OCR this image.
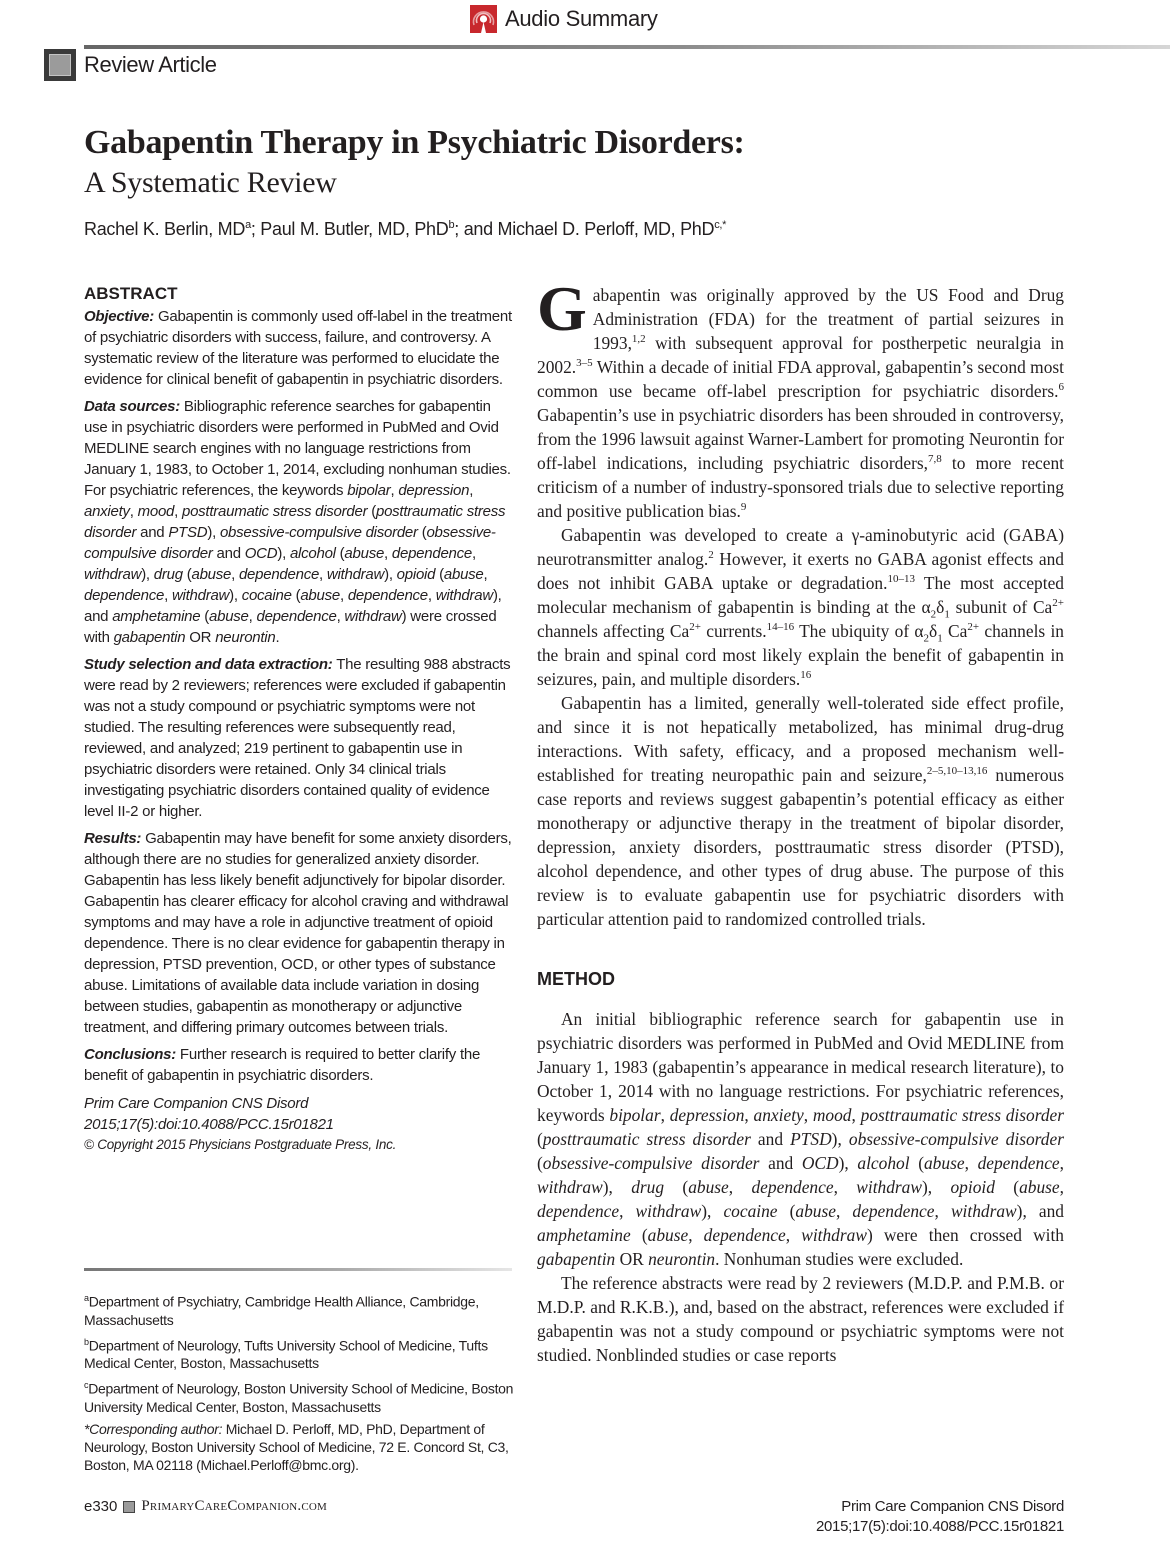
Audio Summary
Review Article
Gabapentin Therapy in Psychiatric Disorders:
A Systematic Review
Rachel K. Berlin, $MD^a$; Paul M. Butler, MD, PhD$^b$; and Michael D. Perloff, MD, PhD$^{c,*}$
ABSTRACT

Objective: Gabapentin is commonly used off-label in the treatment of psychiatric disorders with success, failure, and controversy. A systematic review of the literature was performed to elucidate the evidence for clinical benefit of gabapentin in psychiatric disorders.

Data sources: Bibliographic reference searches for gabapentin use in psychiatric disorders were performed in PubMed and Ovid MEDLINE search engines with no language restrictions from January 1, 1983, to October 1, 2014, excluding nonhuman studies. For psychiatric references, the keywords bipolar, depression, anxiety, mood, posttraumatic stress disorder (posttraumatic stress disorder and PTSD), obsessive-compulsive disorder (obsessive-compulsive disorder and OCD), alcohol (abuse, dependence, withdraw), drug (abuse, dependence, withdraw), opioid (abuse, dependence, withdraw), cocaine (abuse, dependence, withdraw), and amphetamine (abuse, dependence, withdraw) were crossed with gabapentin OR neurontin.

Study selection and data extraction: The resulting 988 abstracts were read by 2 reviewers; references were excluded if gabapentin was not a study compound or psychiatric symptoms were not studied. The resulting references were subsequently read, reviewed, and analyzed; 219 pertinent to gabapentin use in psychiatric disorders were retained. Only 34 clinical trials investigating psychiatric disorders contained quality of evidence level II-2 or higher.

Results: Gabapentin may have benefit for some anxiety disorders, although there are no studies for generalized anxiety disorder. Gabapentin has less likely benefit adjunctively for bipolar disorder. Gabapentin has clearer efficacy for alcohol craving and withdrawal symptoms and may have a role in adjunctive treatment of opioid dependence. There is no clear evidence for gabapentin therapy in depression, PTSD prevention, OCD, or other types of substance abuse. Limitations of available data include variation in dosing between studies, gabapentin as monotherapy or adjunctive treatment, and differing primary outcomes between trials.

Conclusions: Further research is required to better clarify the benefit of gabapentin in psychiatric disorders.

Prim Care Companion CNS Disord
2015;17(5):doi:10.4088/PCC.15r01821
© Copyright 2015 Physicians Postgraduate Press, Inc.

$^a$Department of Psychiatry, Cambridge Health Alliance, Cambridge, Massachusetts

$^b$Department of Neurology, Tufts University School of Medicine, Tufts Medical Center, Boston, Massachusetts

$^c$Department of Neurology, Boston University School of Medicine, Boston University Medical Center, Boston, Massachusetts

*Corresponding author: Michael D. Perloff, MD, PhD, Department of Neurology, Boston University School of Medicine, 72 E. Concord St, C3, Boston, MA 02118 (Michael.Perloff@bmc.org).

Gabapentin was originally approved by the US Food and Drug Administration (FDA) for the treatment of partial seizures in 1993,$^{1,2}$ with subsequent approval for postherpetic neuralgia in 2002.$^{3-5}$ Within a decade of initial FDA approval, gabapentin’s second most common use became off-label prescription for psychiatric disorders.$^6$ Gabapentin’s use in psychiatric disorders has been shrouded in controversy, from the 1996 lawsuit against Warner-Lambert for promoting Neurontin for off-label indications, including psychiatric disorders,$^{7,8}$ to more recent criticism of a number of industry-sponsored trials due to selective reporting and positive publication bias.$^9$

Gabapentin was developed to create a γ-aminobutyric acid (GABA) neurotransmitter analog.$^2$ However, it exerts no GABA agonist effects and does not inhibit GABA uptake or degradation.$^{10-13}$ The most accepted molecular mechanism of gabapentin is binding at the $\alpha_2\delta_1$ subunit of $Ca^{2+}$ channels affecting $Ca^{2+}$ currents.$^{14-16}$ The ubiquity of $\alpha_2\delta_1$ $Ca^{2+}$ channels in the brain and spinal cord most likely explain the benefit of gabapentin in seizures, pain, and multiple disorders.$^{16}$

Gabapentin has a limited, generally well-tolerated side effect profile, and since it is not hepatically metabolized, has minimal drug-drug interactions. With safety, efficacy, and a proposed mechanism well-established for treating neuropathic pain and seizure,$^{2-5,10-13,16}$ numerous case reports and reviews suggest gabapentin’s potential efficacy as either monotherapy or adjunctive therapy in the treatment of bipolar disorder, depression, anxiety disorders, posttraumatic stress disorder (PTSD), alcohol dependence, and other types of drug abuse. The purpose of this review is to evaluate gabapentin use for psychiatric disorders with particular attention paid to randomized controlled trials.

METHOD

An initial bibliographic reference search for gabapentin use in psychiatric disorders was performed in PubMed and Ovid MEDLINE from January 1, 1983 (gabapentin’s appearance in medical research literature), to October 1, 2014 with no language restrictions. For psychiatric references, keywords bipolar, depression, anxiety, mood, posttraumatic stress disorder (posttraumatic stress disorder and PTSD), obsessive-compulsive disorder (obsessive-compulsive disorder and OCD), alcohol (abuse, dependence, withdraw), drug (abuse, dependence, withdraw), opioid (abuse, dependence, withdraw), cocaine (abuse, dependence, withdraw), and amphetamine (abuse, dependence, withdraw) were then crossed with gabapentin OR neurontin. Nonhuman studies were excluded.

The reference abstracts were read by 2 reviewers (M.D.P. and P.M.B. or M.D.P. and R.K.B.), and, based on the abstract, references were excluded if gabapentin was not a study compound or psychiatric symptoms were not studied. Nonblinded studies or case reports

e330 PrimaryCareCompanion.com	Prim Care Companion CNS Disord
2015;17(5):doi:10.4088/PCC.15r01821
